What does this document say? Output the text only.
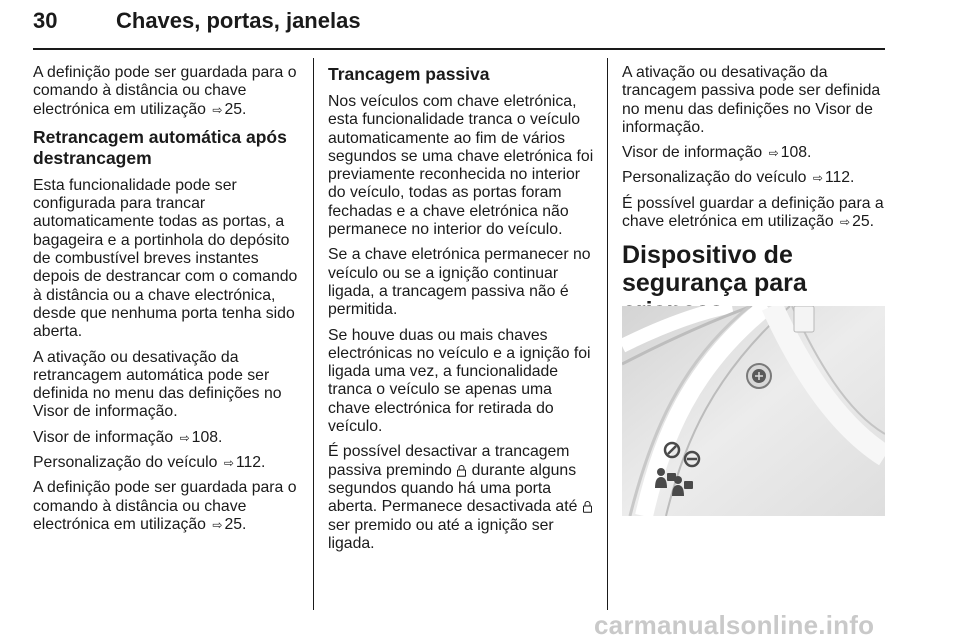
30	Chaves, portas, janelas

A definição pode ser guardada para o comando à distância ou chave electrónica em utilização ⇨ 25.

Retrancagem automática após destrancagem

Esta funcionalidade pode ser configurada para trancar automaticamente todas as portas, a bagageira e a portinhola do depósito de combustível breves instantes depois de destrancar com o comando à distância ou a chave electrónica, desde que nenhuma porta tenha sido aberta.

A ativação ou desativação da retrancagem automática pode ser definida no menu das definições no Visor de informação.

Visor de informação ⇨ 108.

Personalização do veículo ⇨ 112.

A definição pode ser guardada para o comando à distância ou chave electrónica em utilização ⇨ 25.

Trancagem passiva

Nos veículos com chave eletrónica, esta funcionalidade tranca o veículo automaticamente ao fim de vários segundos se uma chave eletrónica foi previamente reconhecida no interior do veículo, todas as portas foram fechadas e a chave eletrónica não permanece no interior do veículo.

Se a chave eletrónica permanecer no veículo ou se a ignição continuar ligada, a trancagem passiva não é permitida.

Se houve duas ou mais chaves electrónicas no veículo e a ignição foi ligada uma vez, a funcionalidade tranca o veículo se apenas uma chave electrónica for retirada do veículo.

É possível desactivar a trancagem passiva premindo durante alguns segundos quando há uma porta aberta. Permanece desactivada até  ser premido ou até a ignição ser ligada.

A ativação ou desativação da trancagem passiva pode ser definida no menu das definições no Visor de informação.

Visor de informação ⇨ 108.

Personalização do veículo ⇨ 112.

É possível guardar a definição para a chave eletrónica em utilização ⇨ 25.

Dispositivo de segurança para
carmanualsonline.info
